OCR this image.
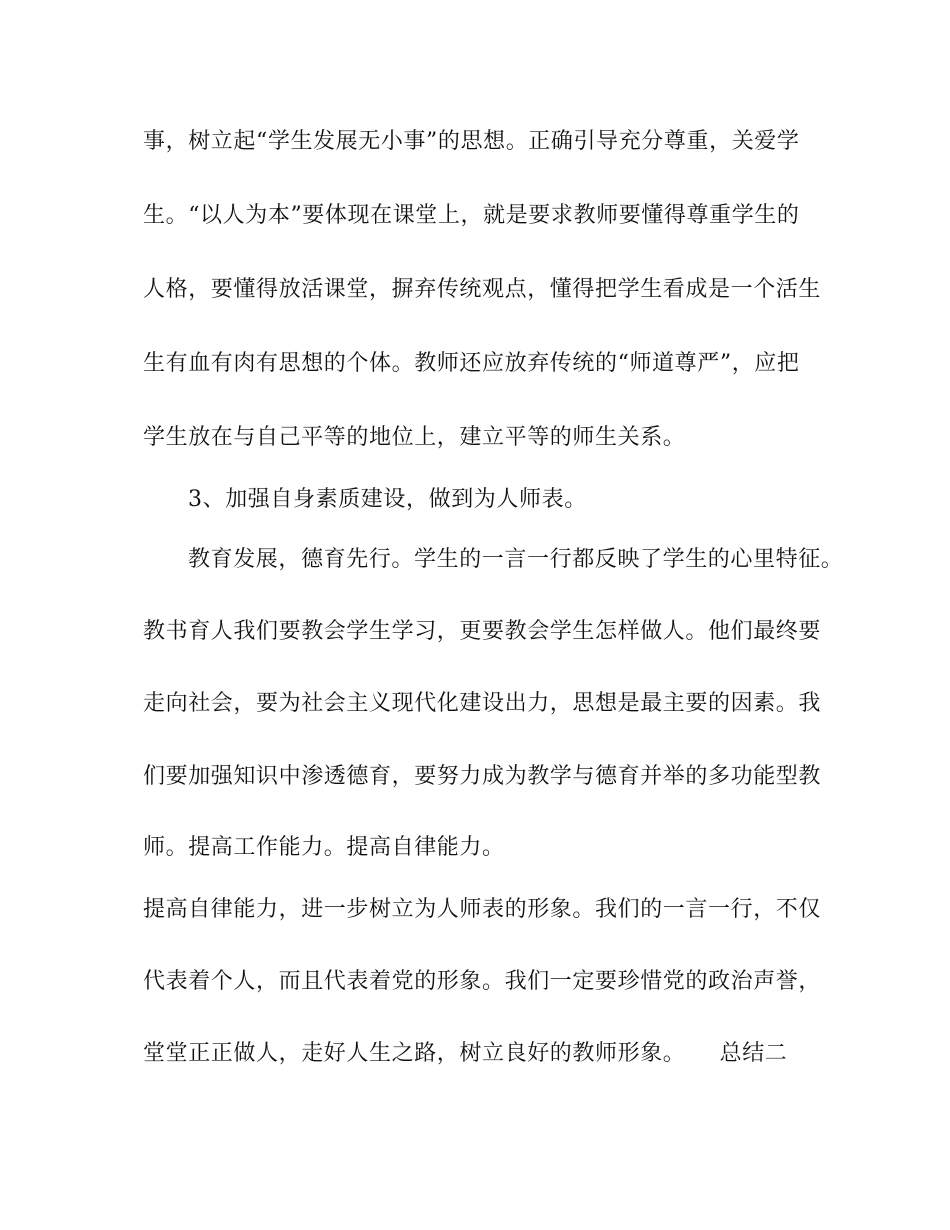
事，树立起“学生发展无小事”的思想。正确引导充分尊重，关爱学
生。“以人为本”要体现在课堂上，就是要求教师要懂得尊重学生的
人格，要懂得放活课堂，摒弃传统观点，懂得把学生看成是一个活生
生有血有肉有思想的个体。教师还应放弃传统的“师道尊严”，应把
学生放在与自己平等的地位上，建立平等的师生关系。
3、加强自身素质建设，做到为人师表。
教育发展，德育先行。学生的一言一行都反映了学生的心里特征。
教书育人我们要教会学生学习，更要教会学生怎样做人。他们最终要
走向社会，要为社会主义现代化建设出力，思想是最主要的因素。我
们要加强知识中渗透德育，要努力成为教学与德育并举的多功能型教
师。提高工作能力。提高自律能力。
提高自律能力，进一步树立为人师表的形象。我们的一言一行，不仅
代表着个人，而且代表着党的形象。我们一定要珍惜党的政治声誉，
堂堂正正做人，走好人生之路，树立良好的教师形象。　　总结二
